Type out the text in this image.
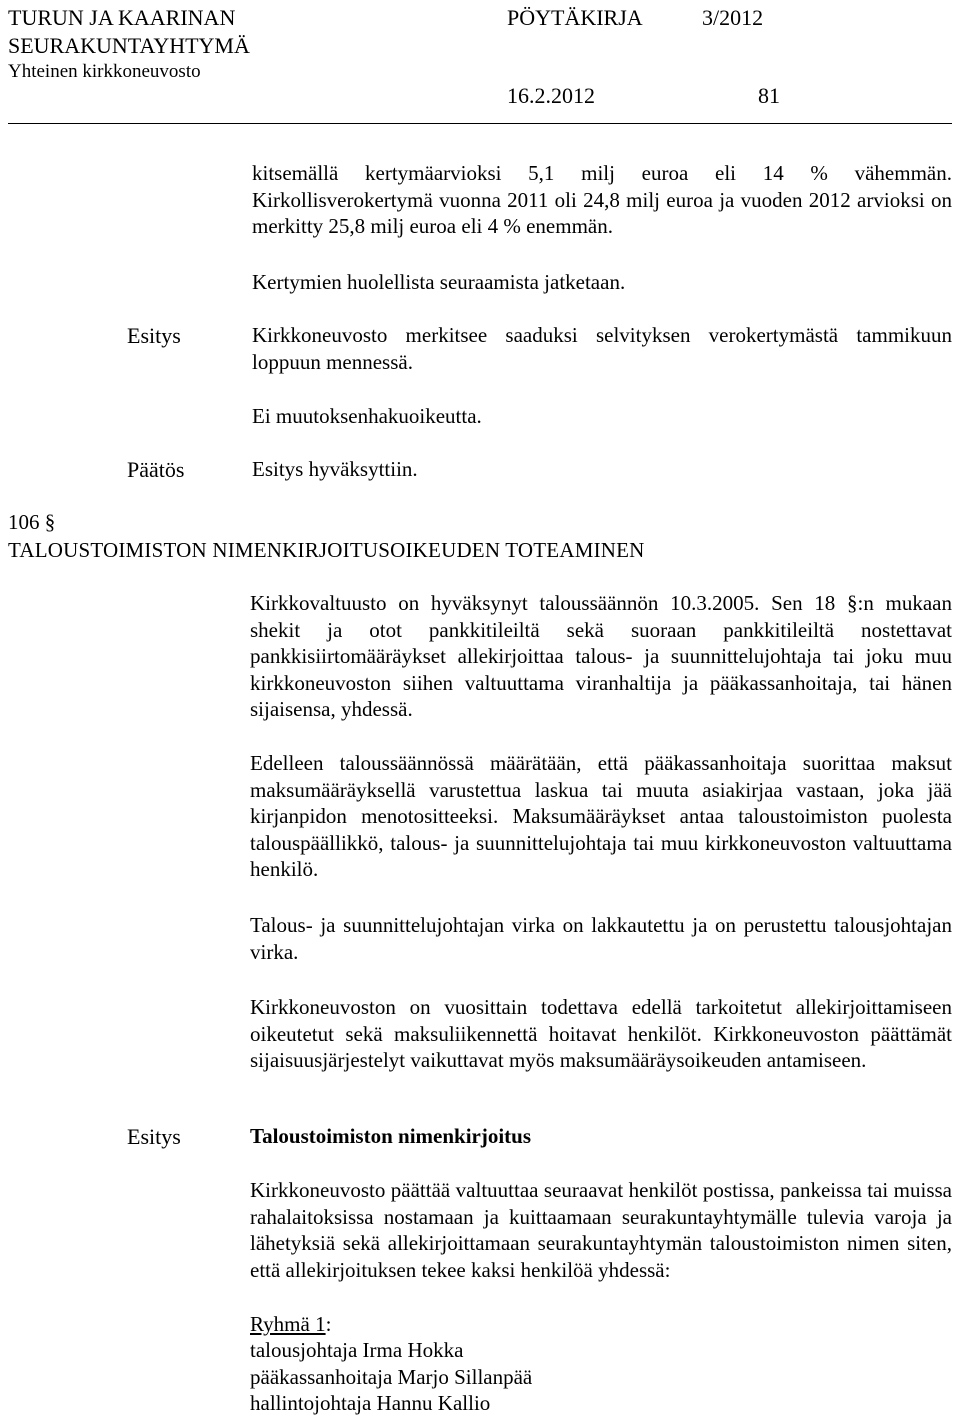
TURUN JA KAARINAN
SEURAKUNTAYHTYMÄ
Yhteinen kirkkoneuvosto
PÖYTÄKIRJA	3/2012
16.2.2012	81
kitsemällä kertymäarvioksi 5,1 milj euroa eli 14 % vähemmän. Kirkollisverokertymä vuonna 2011 oli 24,8 milj euroa ja vuoden 2012 arvioksi on merkitty 25,8 milj euroa eli 4 % enemmän.
Kertymien huolellista seuraamista jatketaan.
Esitys	Kirkkoneuvosto merkitsee saaduksi selvityksen verokertymästä tammikuun loppuun mennessä.
Ei muutoksenhakuoikeutta.
Päätös	Esitys hyväksyttiin.
106 §
TALOUSTOIMISTON NIMENKIRJOITUSOIKEUDEN TOTEAMINEN
Kirkkovaltuusto on hyväksynyt taloussäännön 10.3.2005. Sen 18 §:n mukaan shekit ja otot pankkitileiltä sekä suoraan pankkitileiltä nostettavat pankkisiirtomääräykset allekirjoittaa talous- ja suunnittelujohtaja tai joku muu kirkkoneuvoston siihen valtuuttama viranhaltija ja pääkassanhoitaja, tai hänen sijaisensa, yhdessä.
Edelleen taloussäännössä määrätään, että pääkassanhoitaja suorittaa maksut maksumääräyksellä varustettua laskua tai muuta asiakirjaa vastaan, joka jää kirjanpidon menotositteeksi. Maksumääräykset antaa taloustoimiston puolesta talouspäällikkö, talous- ja suunnittelujohtaja tai muu kirkkoneuvoston valtuuttama henkilö.
Talous- ja suunnittelujohtajan virka on lakkautettu ja on perustettu talousjohtajan virka.
Kirkkoneuvoston on vuosittain todettava edellä tarkoitetut allekirjoittamiseen oikeutetut sekä maksuliikennettä hoitavat henkilöt. Kirkkoneuvoston päättämät sijaisuusjärjestelyt vaikuttavat myös maksumääräysoikeuden antamiseen.
Esitys	Taloustoimiston nimenkirjoitus
Kirkkoneuvosto päättää valtuuttaa seuraavat henkilöt postissa, pankeissa tai muissa rahalaitoksissa nostamaan ja kuittaamaan seurakuntayhtymälle tulevia varoja ja lähetyksiä sekä allekirjoittamaan seurakuntayhtymän taloustoimiston nimen siten, että allekirjoituksen tekee kaksi henkilöä yhdessä:
Ryhmä 1:
talousjohtaja Irma Hokka
pääkassanhoitaja Marjo Sillanpää
hallintojohtaja Hannu Kallio
